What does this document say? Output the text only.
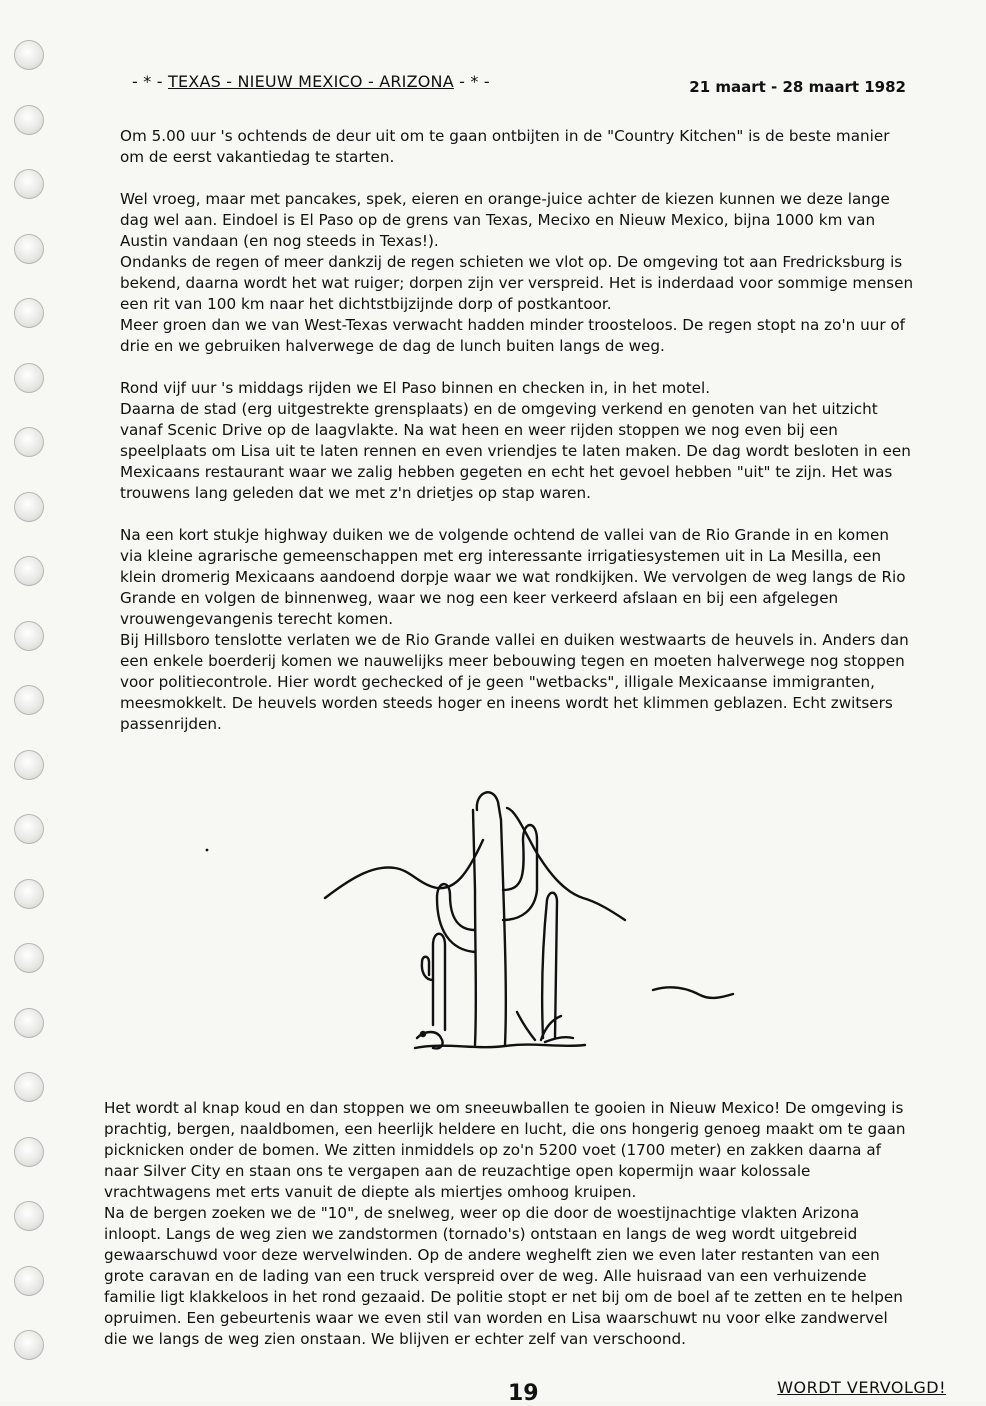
- * - TEXAS - NIEUW MEXICO - ARIZONA - * -	21 maart - 28 maart 1982

Om 5.00 uur 's ochtends de deur uit om te gaan ontbijten in de "Country Kitchen" is de beste manier om de eerst vakantiedag te starten.

Wel vroeg, maar met pancakes, spek, eieren en orange-juice achter de kiezen kunnen we deze lange dag wel aan. Eindoel is El Paso op de grens van Texas, Mecixo en Nieuw Mexico, bijna 1000 km van Austin vandaan (en nog steeds in Texas!).

Ondanks de regen of meer dankzij de regen schieten we vlot op. De omgeving tot aan Fredricksburg is bekend, daarna wordt het wat ruiger; dorpen zijn ver verspreid. Het is inderdaad voor sommige mensen een rit van 100 km naar het dichtstbijzijnde dorp of postkantoor.

Meer groen dan we van West-Texas verwacht hadden minder troosteloos. De regen stopt na zo'n uur of drie en we gebruiken halverwege de dag de lunch buiten langs de weg.

Rond vijf uur 's middags rijden we El Paso binnen en checken in, in het motel.

Daarna de stad (erg uitgestrekte grensplaats) en de omgeving verkend en genoten van het uitzicht vanaf Scenic Drive op de laagvlakte. Na wat heen en weer rijden stoppen we nog even bij een speelplaats om Lisa uit te laten rennen en even vriendjes te laten maken. De dag wordt besloten in een Mexicaans restaurant waar we zalig hebben gegeten en echt het gevoel hebben "uit" te zijn. Het was trouwens lang geleden dat we met z'n drietjes op stap waren.

Na een kort stukje highway duiken we de volgende ochtend de vallei van de Rio Grande in en komen via kleine agrarische gemeenschappen met erg interessante irrigatiesystemen uit in La Mesilla, een klein dromerig Mexicaans aandoend dorpje waar we wat rondkijken. We vervolgen de weg langs de Rio Grande en volgen de binnenweg, waar we nog een keer verkeerd afslaan en bij een afgelegen vrouwengevangenis terecht komen.

Bij Hillsboro tenslotte verlaten we de Rio Grande vallei en duiken westwaarts de heuvels in. Anders dan een enkele boerderij komen we nauwelijks meer bebouwing tegen en moeten halverwege nog stoppen voor politiecontrole. Hier wordt gechecked of je geen "wetbacks", illigale Mexicaanse immigranten, meesmokkelt. De heuvels worden steeds hoger en ineens wordt het klimmen geblazen. Echt zwitsers passenrijden.

Het wordt al knap koud en dan stoppen we om sneeuwballen te gooien in Nieuw Mexico! De omgeving is prachtig, bergen, naaldbomen, een heerlijk heldere en lucht, die ons hongerig genoeg maakt om te gaan picknicken onder de bomen. We zitten inmiddels op zo'n 5200 voet (1700 meter) en zakken daarna af naar Silver City en staan ons te vergapen aan de reuzachtige open kopermijn waar kolossale vrachtwagens met erts vanuit de diepte als miertjes omhoog kruipen.

Na de bergen zoeken we de "10", de snelweg, weer op die door de woestijnachtige vlakten Arizona inloopt. Langs de weg zien we zandstormen (tornado's) ontstaan en langs de weg wordt uitgebreid gewaarschuwd voor deze wervelwinden. Op de andere weghelft zien we even later restanten van een grote caravan en de lading van een truck verspreid over de weg. Alle huisraad van een verhuizende familie ligt klakkeloos in het rond gezaaid. De politie stopt er net bij om de boel af te zetten en te helpen opruimen. Een gebeurtenis waar we even stil van worden en Lisa waarschuwt nu voor elke zandwervel die we langs de weg zien onstaan. We blijven er echter zelf van verschoond.

19	WORDT VERVOLGD!
